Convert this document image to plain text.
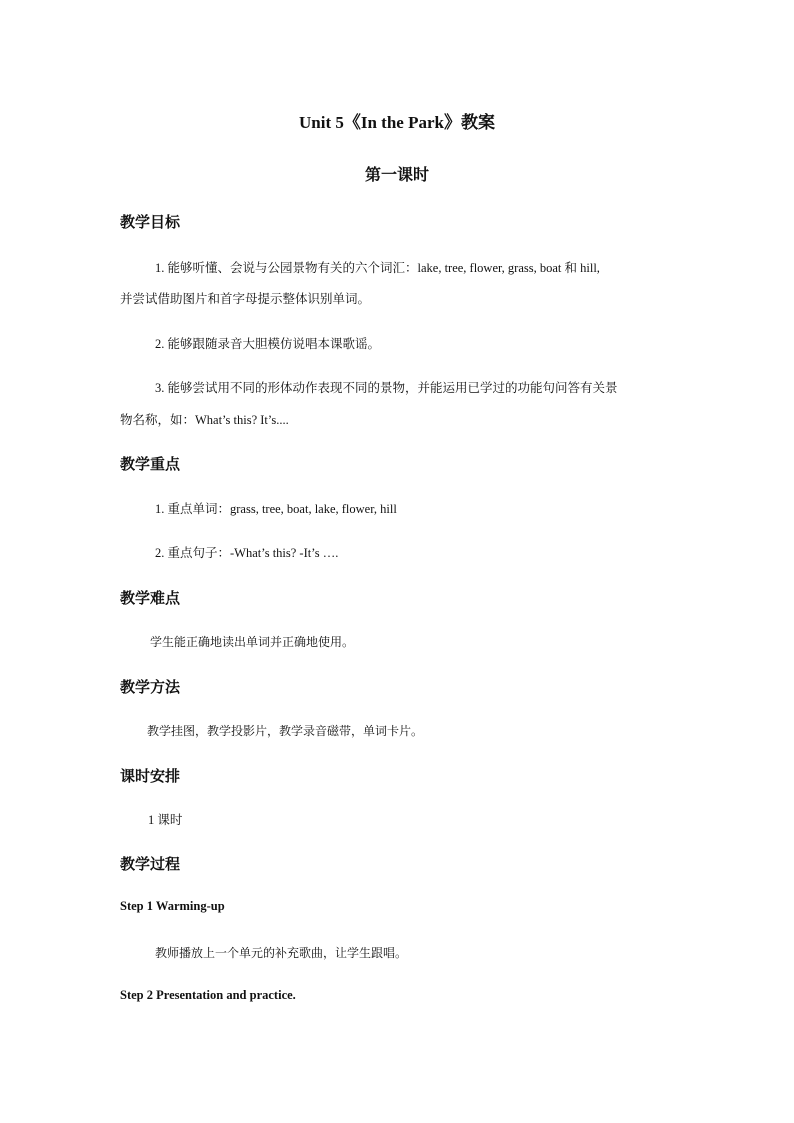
Unit 5《In the Park》教案
第一课时
教学目标
1. 能够听懂、会说与公园景物有关的六个词汇：lake, tree, flower, grass, boat 和 hill,
并尝试借助图片和首字母提示整体识别单词。
2. 能够跟随录音大胆模仿说唱本课歌谣。
3. 能够尝试用不同的形体动作表现不同的景物，并能运用已学过的功能句问答有关景
物名称，如：What’s this? It’s....
教学重点
1. 重点单词：grass, tree, boat, lake, flower, hill
2. 重点句子：-What’s this? -It’s ….
教学难点
学生能正确地读出单词并正确地使用。
教学方法
教学挂图，教学投影片，教学录音磁带，单词卡片。
课时安排
1 课时
教学过程
Step 1 Warming-up
教师播放上一个单元的补充歌曲，让学生跟唱。
Step 2 Presentation and practice.
